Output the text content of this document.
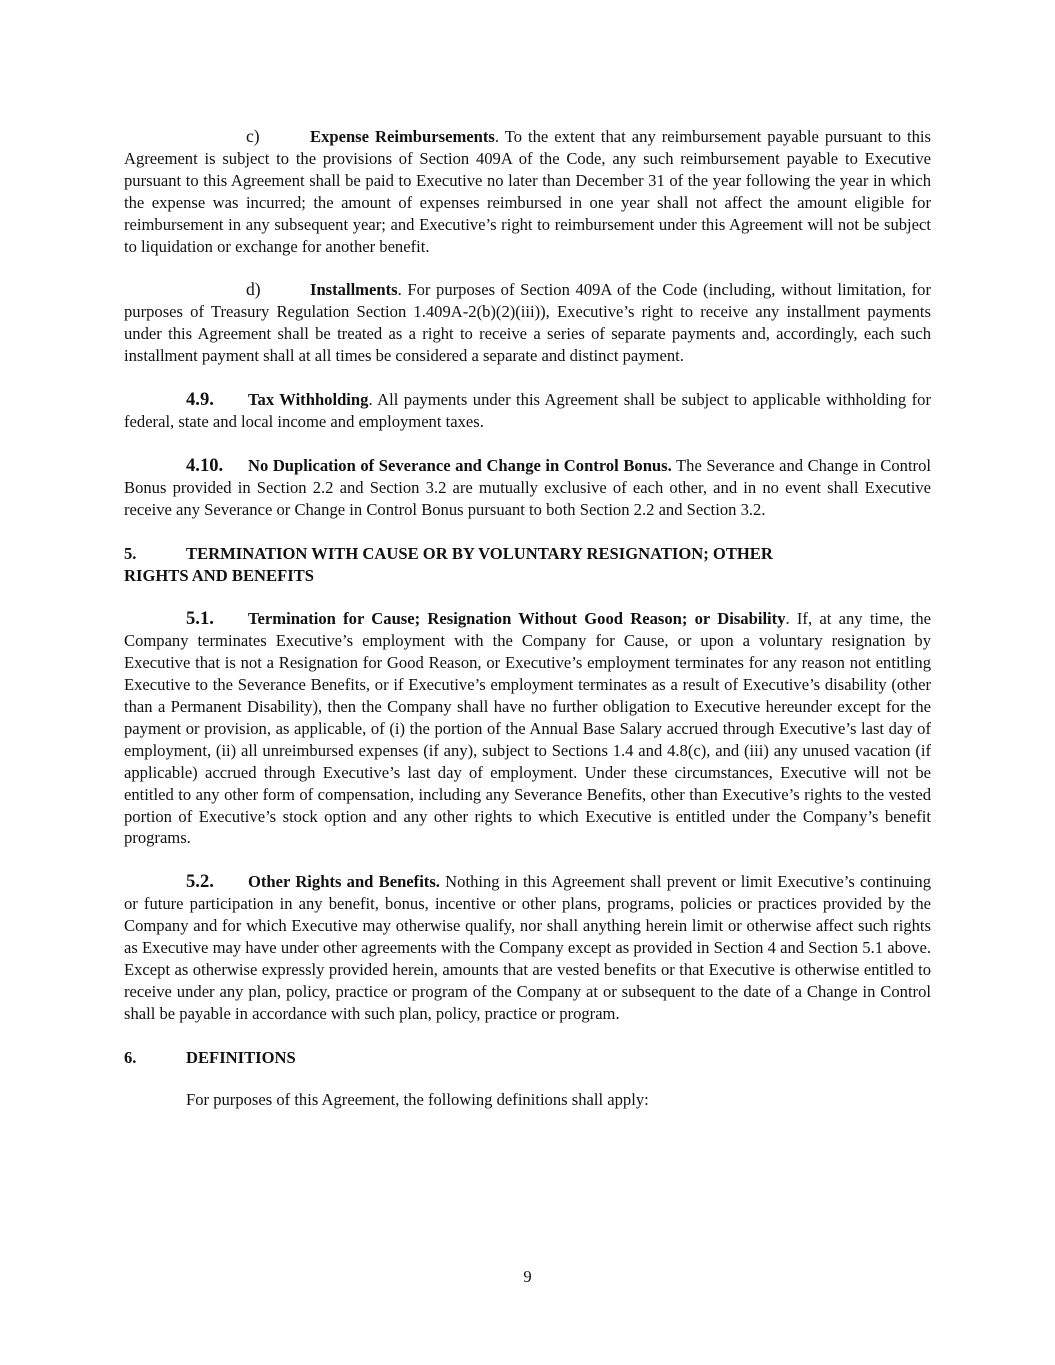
c)	Expense Reimbursements. To the extent that any reimbursement payable pursuant to this Agreement is subject to the provisions of Section 409A of the Code, any such reimbursement payable to Executive pursuant to this Agreement shall be paid to Executive no later than December 31 of the year following the year in which the expense was incurred; the amount of expenses reimbursed in one year shall not affect the amount eligible for reimbursement in any subsequent year; and Executive’s right to reimbursement under this Agreement will not be subject to liquidation or exchange for another benefit.

d)	Installments. For purposes of Section 409A of the Code (including, without limitation, for purposes of Treasury Regulation Section 1.409A-2(b)(2)(iii)), Executive’s right to receive any installment payments under this Agreement shall be treated as a right to receive a series of separate payments and, accordingly, each such installment payment shall at all times be considered a separate and distinct payment.

4.9. Tax Withholding. All payments under this Agreement shall be subject to applicable withholding for federal, state and local income and employment taxes.

4.10. No Duplication of Severance and Change in Control Bonus. The Severance and Change in Control Bonus provided in Section 2.2 and Section 3.2 are mutually exclusive of each other, and in no event shall Executive receive any Severance or Change in Control Bonus pursuant to both Section 2.2 and Section 3.2.

5.	TERMINATION WITH CAUSE OR BY VOLUNTARY RESIGNATION; OTHER
RIGHTS AND BENEFITS

5.1. Termination for Cause; Resignation Without Good Reason; or Disability. If, at any time, the Company terminates Executive’s employment with the Company for Cause, or upon a voluntary resignation by Executive that is not a Resignation for Good Reason, or Executive’s employment terminates for any reason not entitling Executive to the Severance Benefits, or if Executive’s employment terminates as a result of Executive’s disability (other than a Permanent Disability), then the Company shall have no further obligation to Executive hereunder except for the payment or provision, as applicable, of (i) the portion of the Annual Base Salary accrued through Executive’s last day of employment, (ii) all unreimbursed expenses (if any), subject to Sections 1.4 and 4.8(c), and (iii) any unused vacation (if applicable) accrued through Executive’s last day of employment. Under these circumstances, Executive will not be entitled to any other form of compensation, including any Severance Benefits, other than Executive’s rights to the vested portion of Executive’s stock option and any other rights to which Executive is entitled under the Company’s benefit programs.

5.2. Other Rights and Benefits. Nothing in this Agreement shall prevent or limit Executive’s continuing or future participation in any benefit, bonus, incentive or other plans, programs, policies or practices provided by the Company and for which Executive may otherwise qualify, nor shall anything herein limit or otherwise affect such rights as Executive may have under other agreements with the Company except as provided in Section 4 and Section 5.1 above. Except as otherwise expressly provided herein, amounts that are vested benefits or that Executive is otherwise entitled to receive under any plan, policy, practice or program of the Company at or subsequent to the date of a Change in Control shall be payable in accordance with such plan, policy, practice or program.

6.	DEFINITIONS

For purposes of this Agreement, the following definitions shall apply:

9
